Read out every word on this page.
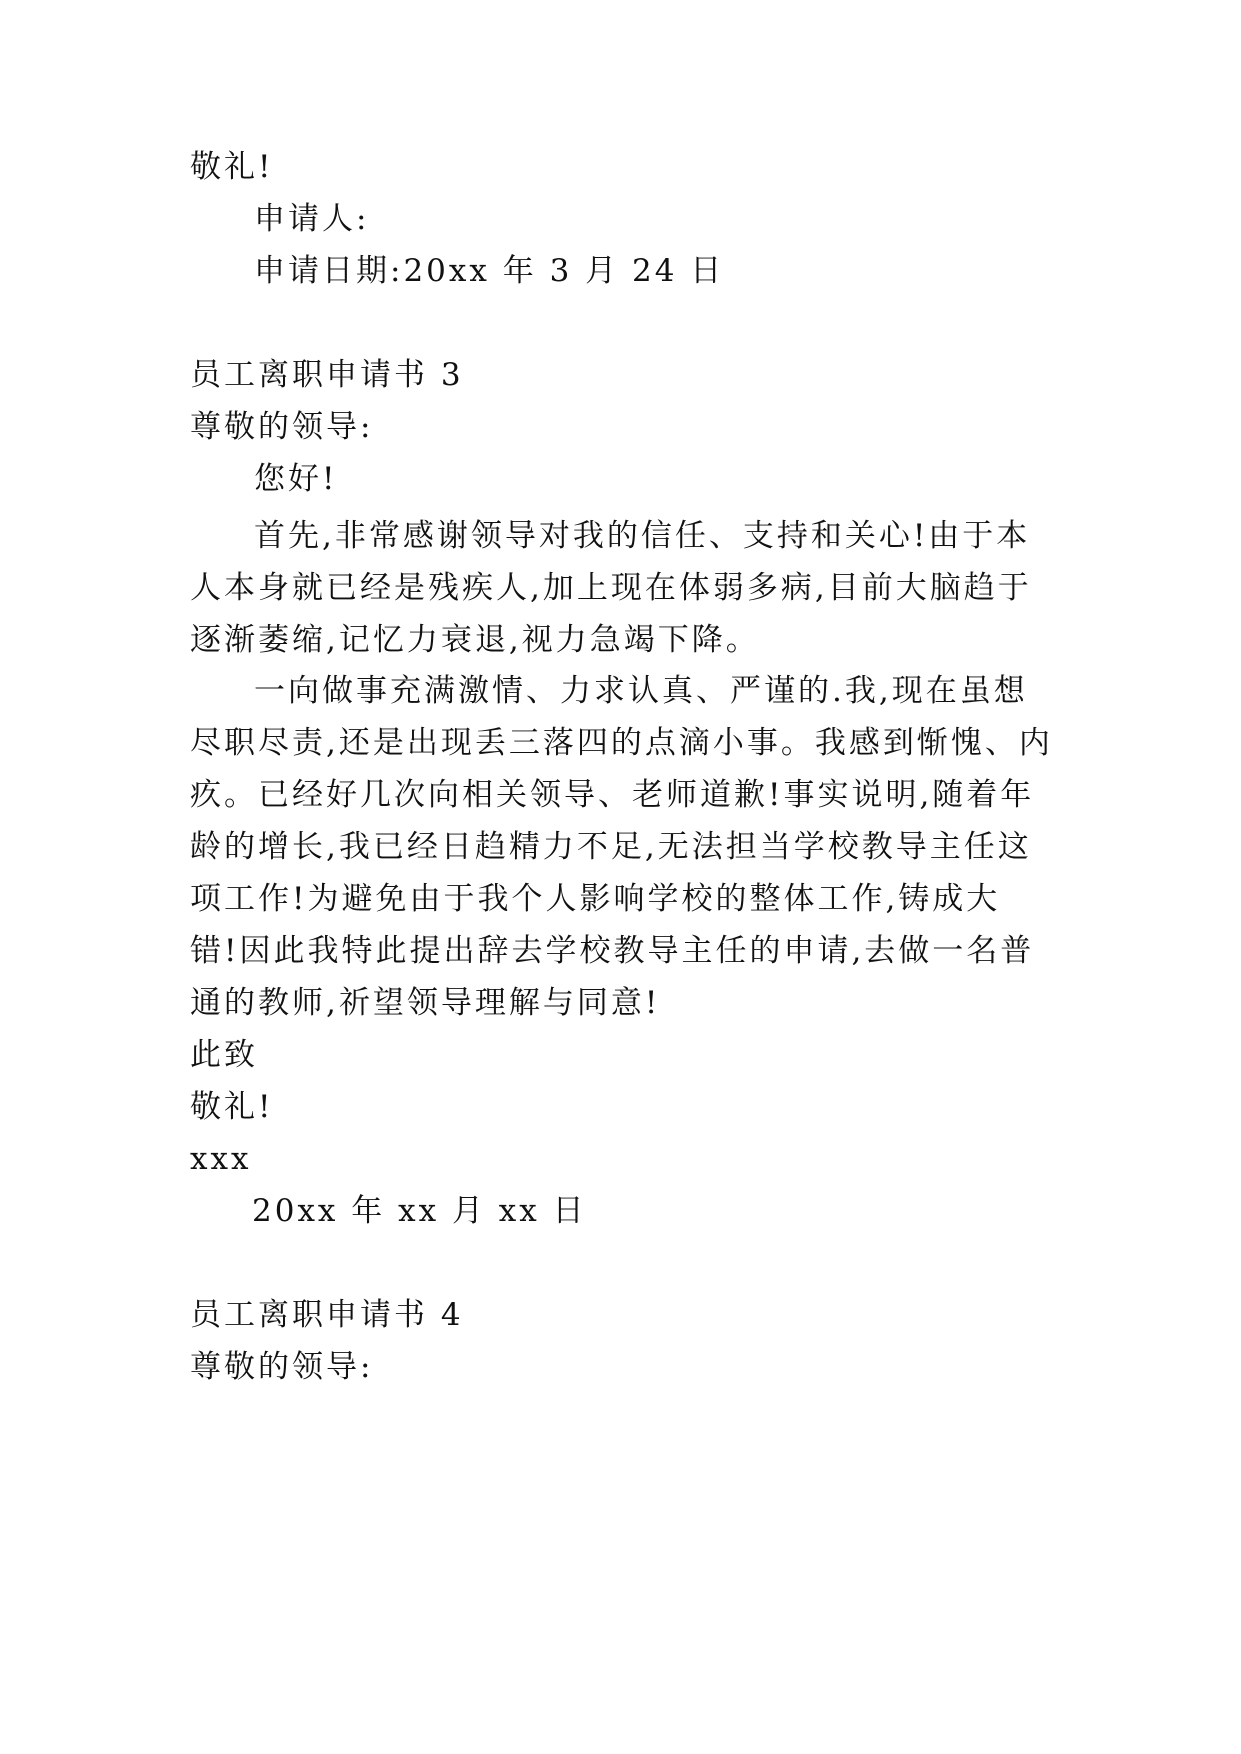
敬礼!
申请人:
申请日期:20xx 年 3 月 24 日
员工离职申请书 3
尊敬的领导:
您好!
首先,非常感谢领导对我的信任、支持和关心!由于本
人本身就已经是残疾人,加上现在体弱多病,目前大脑趋于
逐渐萎缩,记忆力衰退,视力急竭下降。
一向做事充满激情、力求认真、严谨的.我,现在虽想
尽职尽责,还是出现丢三落四的点滴小事。我感到惭愧、内
疚。已经好几次向相关领导、老师道歉!事实说明,随着年
龄的增长,我已经日趋精力不足,无法担当学校教导主任这
项工作!为避免由于我个人影响学校的整体工作,铸成大
错!因此我特此提出辞去学校教导主任的申请,去做一名普
通的教师,祈望领导理解与同意!
此致
敬礼!
xxx
20xx 年 xx 月 xx 日
员工离职申请书 4
尊敬的领导:
